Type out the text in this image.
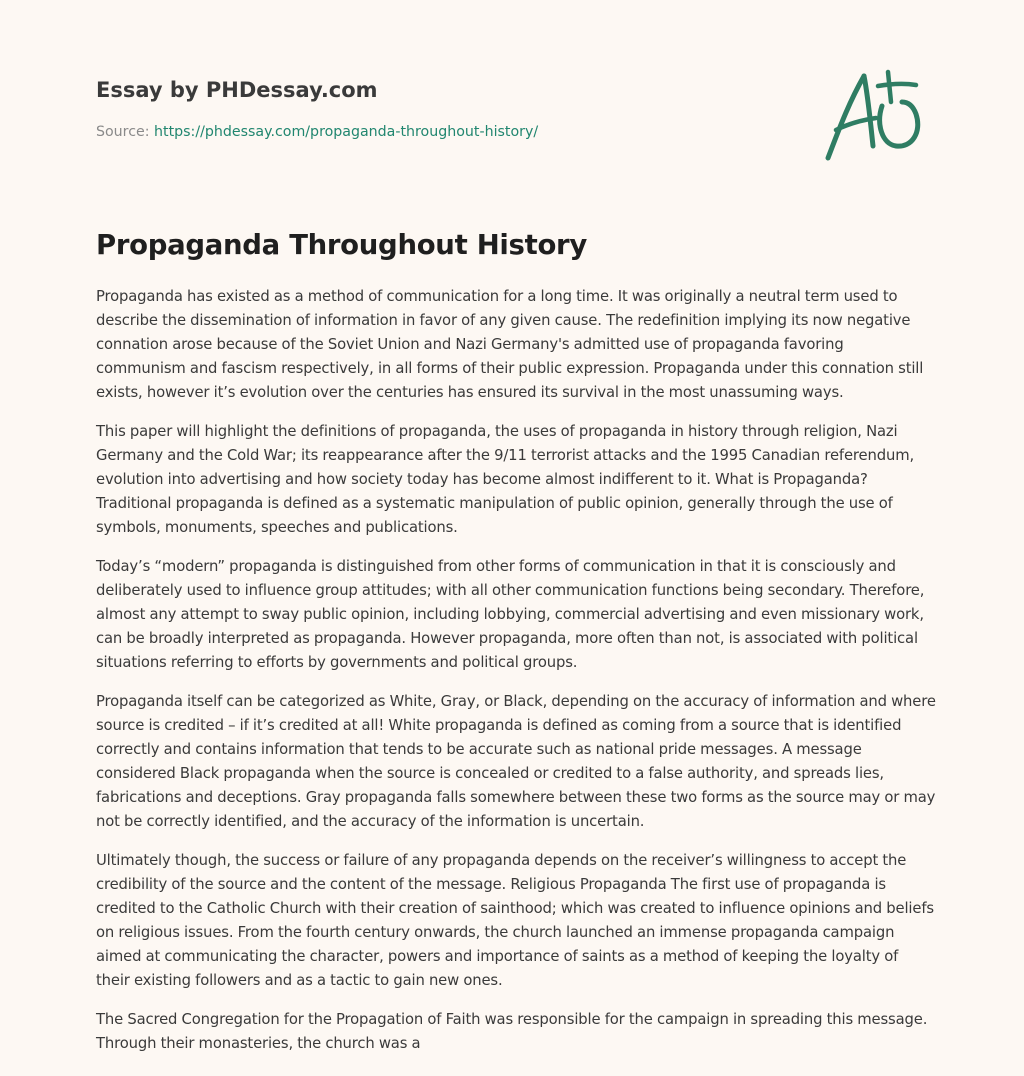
Essay by PHDessay.com
Source: https://phdessay.com/propaganda-throughout-history/
Propaganda Throughout History

Propaganda has existed as a method of communication for a long time. It was originally a neutral term used to describe the dissemination of information in favor of any given cause. The redefinition implying its now negative connation arose because of the Soviet Union and Nazi Germany's admitted use of propaganda favoring communism and fascism respectively, in all forms of their public expression. Propaganda under this connation still exists, however it’s evolution over the centuries has ensured its survival in the most unassuming ways.

This paper will highlight the definitions of propaganda, the uses of propaganda in history through religion, Nazi Germany and the Cold War; its reappearance after the 9/11 terrorist attacks and the 1995 Canadian referendum, evolution into advertising and how society today has become almost indifferent to it. What is Propaganda? Traditional propaganda is defined as a systematic manipulation of public opinion, generally through the use of symbols, monuments, speeches and publications.

Today’s “modern” propaganda is distinguished from other forms of communication in that it is consciously and deliberately used to influence group attitudes; with all other communication functions being secondary. Therefore, almost any attempt to sway public opinion, including lobbying, commercial advertising and even missionary work, can be broadly interpreted as propaganda. However propaganda, more often than not, is associated with political situations referring to efforts by governments and political groups.

Propaganda itself can be categorized as White, Gray, or Black, depending on the accuracy of information and where source is credited – if it’s credited at all! White propaganda is defined as coming from a source that is identified correctly and contains information that tends to be accurate such as national pride messages. A message considered Black propaganda when the source is concealed or credited to a false authority, and spreads lies, fabrications and deceptions. Gray propaganda falls somewhere between these two forms as the source may or may not be correctly identified, and the accuracy of the information is uncertain.

Ultimately though, the success or failure of any propaganda depends on the receiver’s willingness to accept the credibility of the source and the content of the message. Religious Propaganda The first use of propaganda is credited to the Catholic Church with their creation of sainthood; which was created to influence opinions and beliefs on religious issues. From the fourth century onwards, the church launched an immense propaganda campaign aimed at communicating the character, powers and importance of saints as a method of keeping the loyalty of their existing followers and as a tactic to gain new ones.

The Sacred Congregation for the Propagation of Faith was responsible for the campaign in spreading this message. Through their monasteries, the church was a
